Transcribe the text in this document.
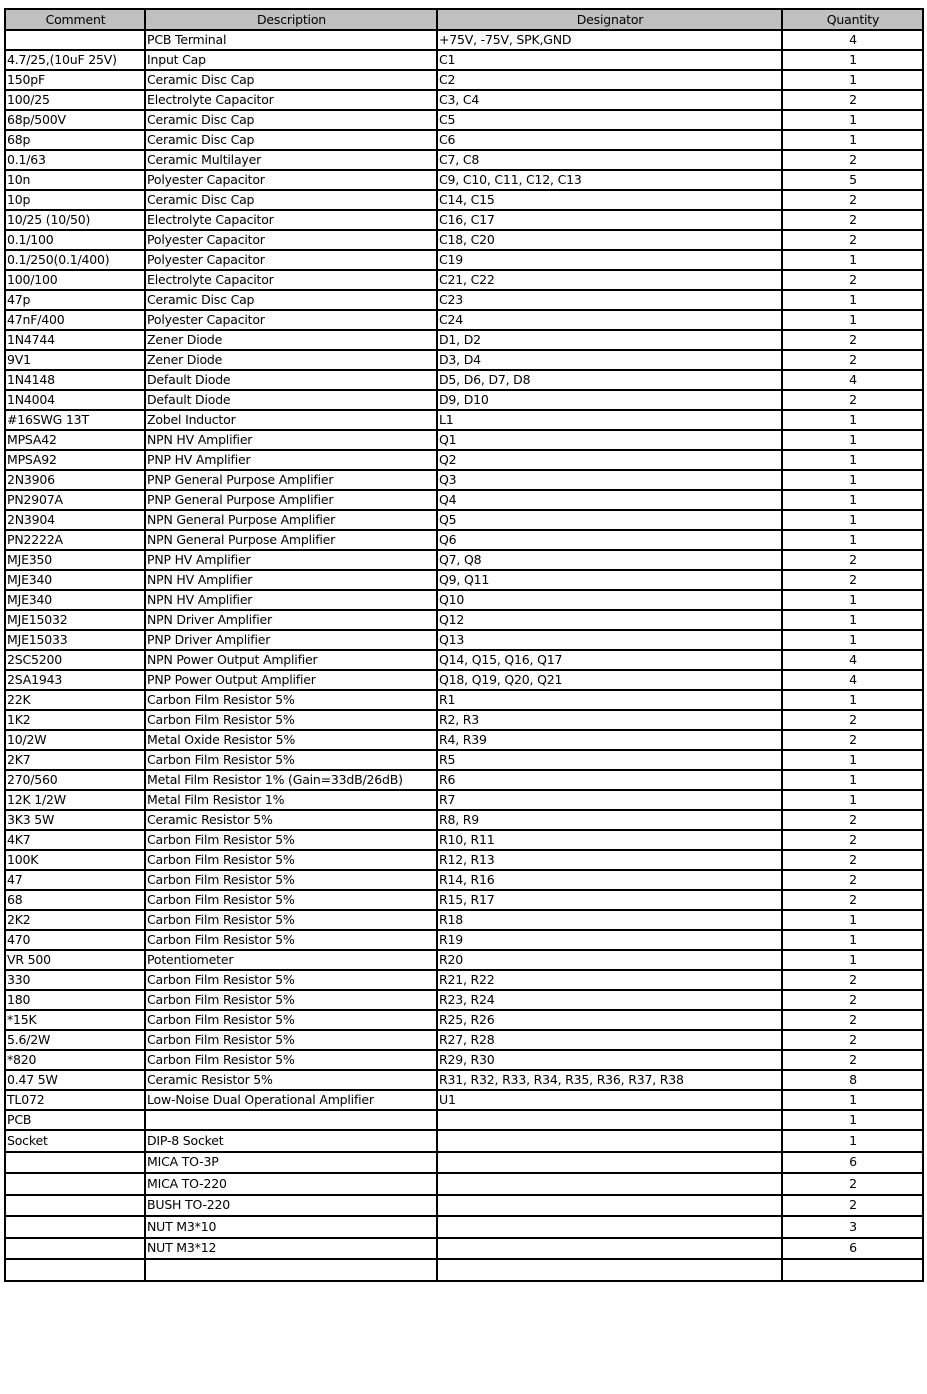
Comment	Description	Designator	Quantity
	PCB Terminal	+75V, -75V, SPK,GND	4
4.7/25,(10uF 25V)	Input Cap	C1	1
150pF	Ceramic Disc Cap	C2	1
100/25	Electrolyte Capacitor	C3, C4	2
68p/500V	Ceramic Disc Cap	C5	1
68p	Ceramic Disc Cap	C6	1
0.1/63	Ceramic Multilayer	C7, C8	2
10n	Polyester Capacitor	C9, C10, C11, C12, C13	5
10p	Ceramic Disc Cap	C14, C15	2
10/25 (10/50)	Electrolyte Capacitor	C16, C17	2
0.1/100	Polyester Capacitor	C18, C20	2
0.1/250(0.1/400)	Polyester Capacitor	C19	1
100/100	Electrolyte Capacitor	C21, C22	2
47p	Ceramic Disc Cap	C23	1
47nF/400	Polyester Capacitor	C24	1
1N4744	Zener Diode	D1, D2	2
9V1	Zener Diode	D3, D4	2
1N4148	Default Diode	D5, D6, D7, D8	4
1N4004	Default Diode	D9, D10	2
#16SWG 13T	Zobel Inductor	L1	1
MPSA42	NPN HV Amplifier	Q1	1
MPSA92	PNP HV Amplifier	Q2	1
2N3906	PNP General Purpose Amplifier	Q3	1
PN2907A	PNP General Purpose Amplifier	Q4	1
2N3904	NPN General Purpose Amplifier	Q5	1
PN2222A	NPN General Purpose Amplifier	Q6	1
MJE350	PNP HV Amplifier	Q7, Q8	2
MJE340	NPN HV Amplifier	Q9, Q11	2
MJE340	NPN HV Amplifier	Q10	1
MJE15032	NPN Driver Amplifier	Q12	1
MJE15033	PNP Driver Amplifier	Q13	1
2SC5200	NPN Power Output Amplifier	Q14, Q15, Q16, Q17	4
2SA1943	PNP Power Output Amplifier	Q18, Q19, Q20, Q21	4
22K	Carbon Film Resistor 5%	R1	1
1K2	Carbon Film Resistor 5%	R2, R3	2
10/2W	Metal Oxide Resistor 5%	R4, R39	2
2K7	Carbon Film Resistor 5%	R5	1
270/560	Metal Film Resistor 1% (Gain=33dB/26dB)	R6	1
12K 1/2W	Metal Film Resistor 1%	R7	1
3K3 5W	Ceramic Resistor 5%	R8, R9	2
4K7	Carbon Film Resistor 5%	R10, R11	2
100K	Carbon Film Resistor 5%	R12, R13	2
47	Carbon Film Resistor 5%	R14, R16	2
68	Carbon Film Resistor 5%	R15, R17	2
2K2	Carbon Film Resistor 5%	R18	1
470	Carbon Film Resistor 5%	R19	1
VR 500	Potentiometer	R20	1
330	Carbon Film Resistor 5%	R21, R22	2
180	Carbon Film Resistor 5%	R23, R24	2
*15K	Carbon Film Resistor 5%	R25, R26	2
5.6/2W	Carbon Film Resistor 5%	R27, R28	2
*820	Carbon Film Resistor 5%	R29, R30	2
0.47 5W	Ceramic Resistor 5%	R31, R32, R33, R34, R35, R36, R37, R38	8
TL072	Low-Noise Dual Operational Amplifier	U1	1
PCB			1
Socket	DIP-8 Socket		1
	MICA TO-3P		6
	MICA TO-220		2
	BUSH TO-220		2
	NUT M3*10		3
	NUT M3*12		6
